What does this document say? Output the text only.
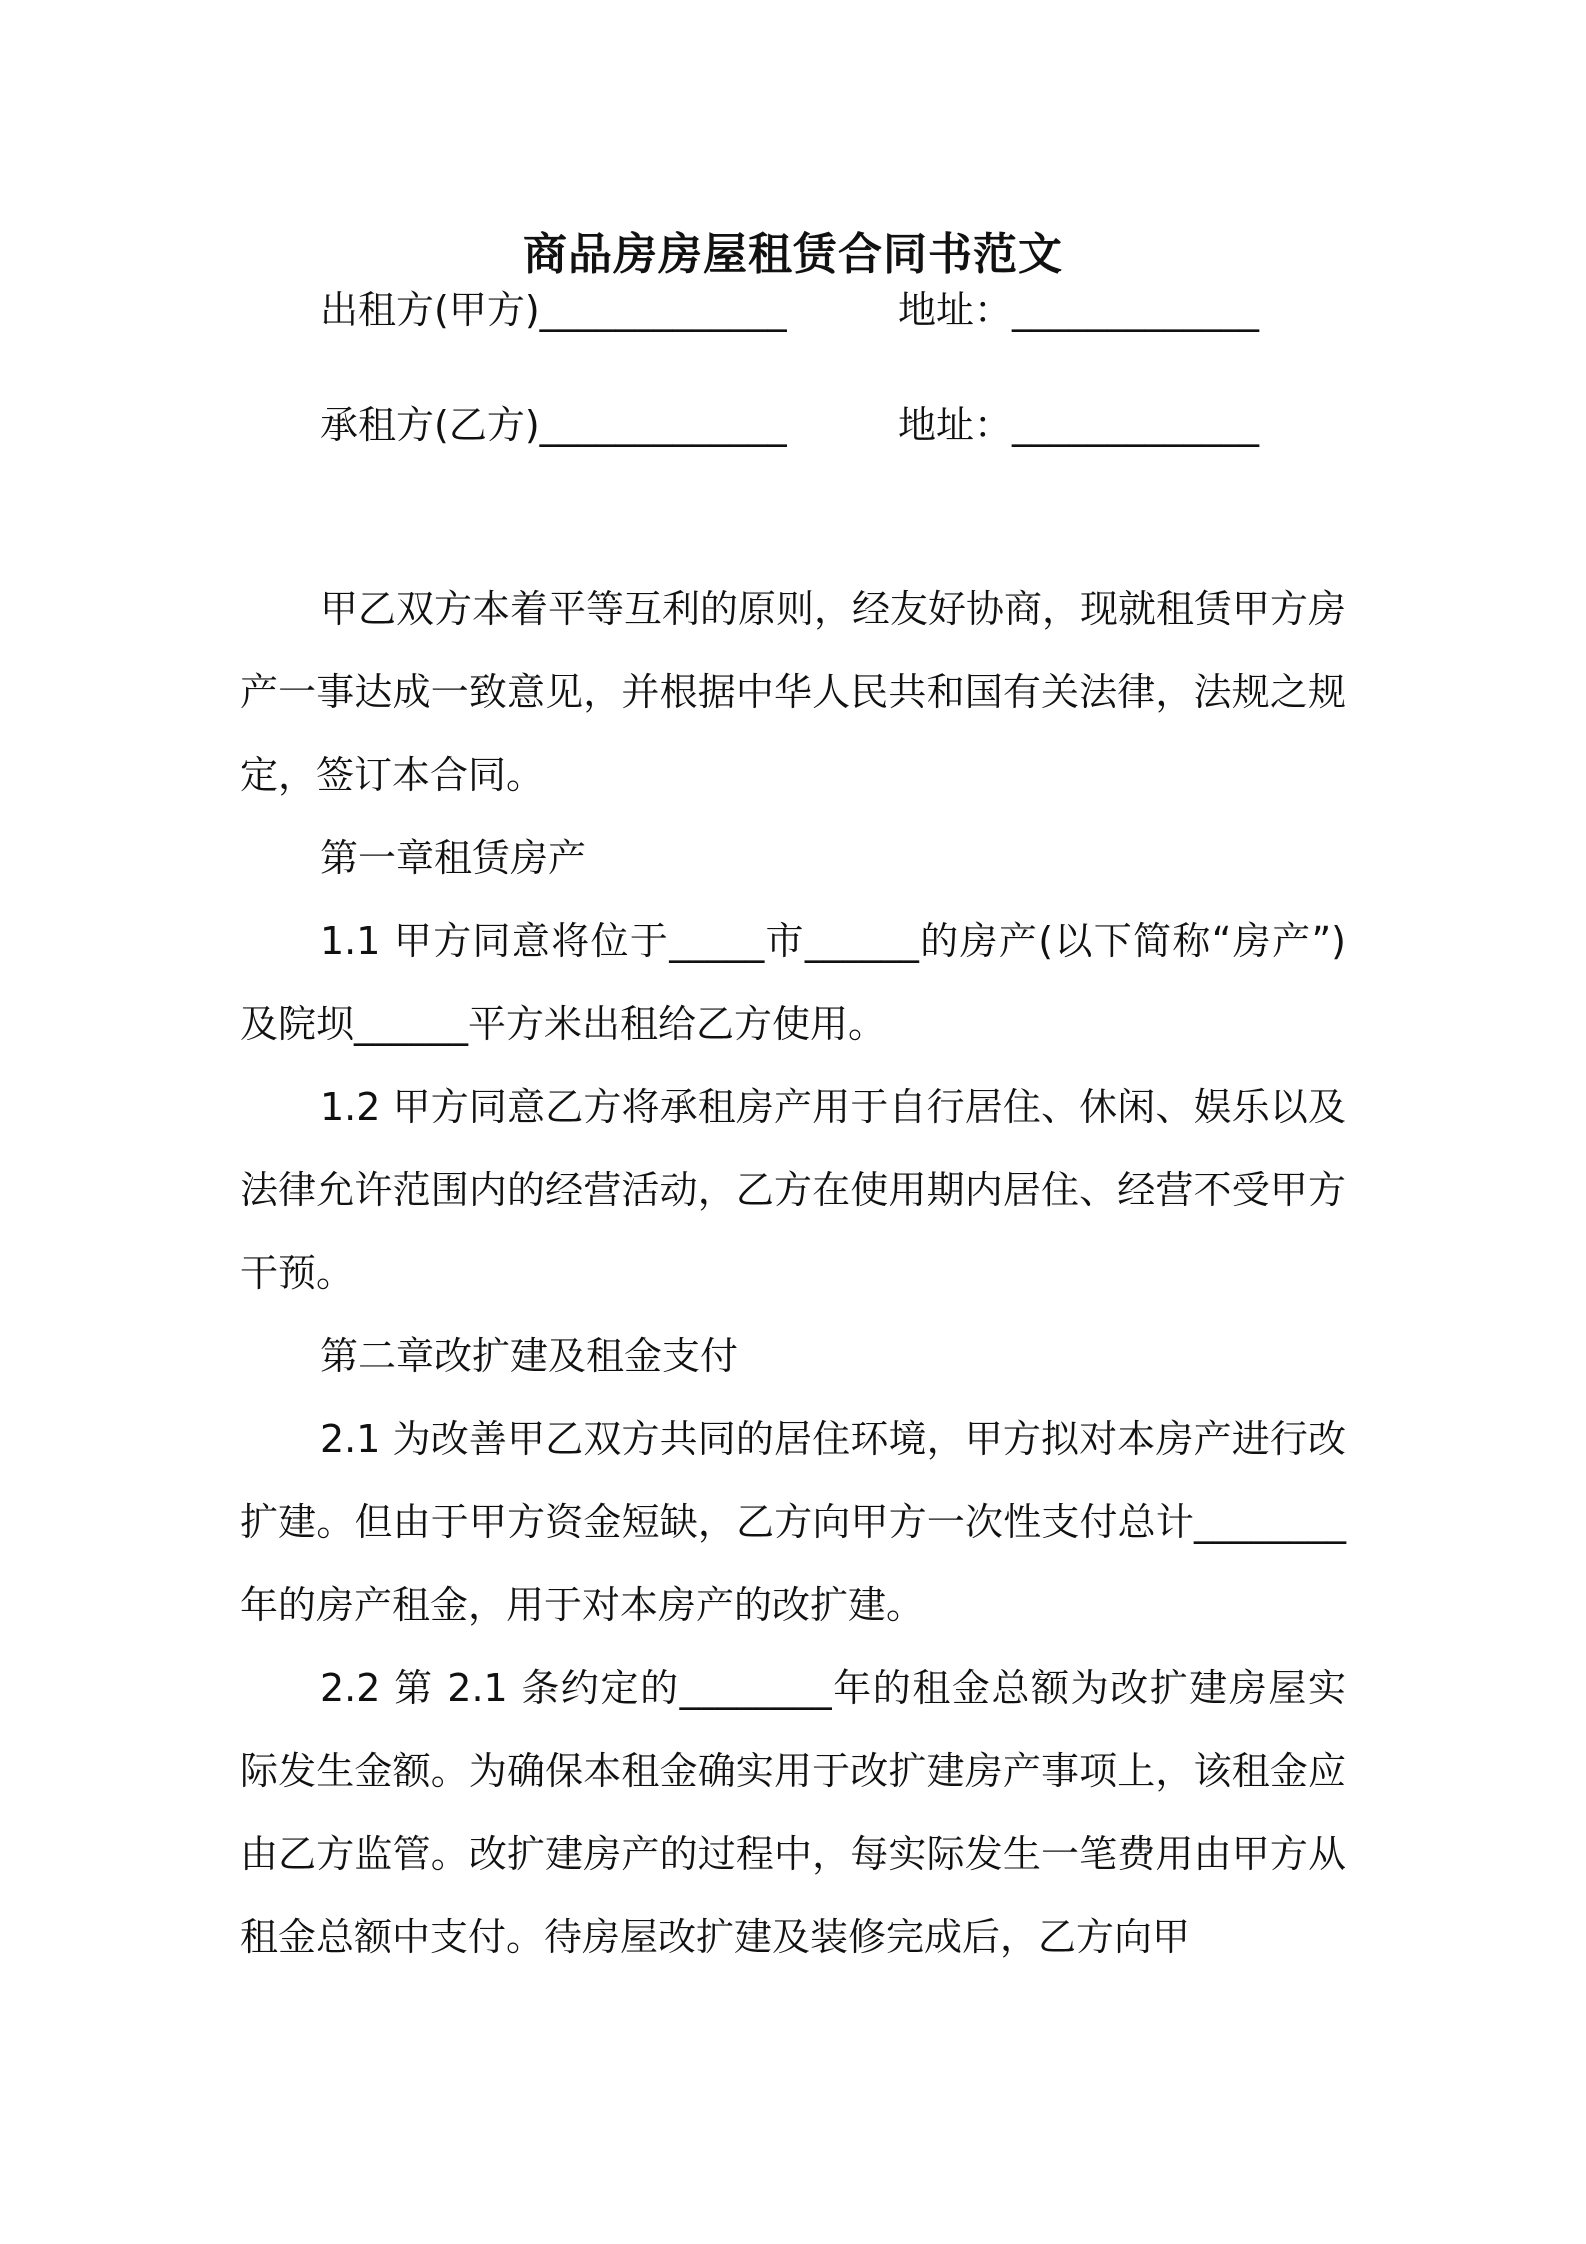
商品房房屋租赁合同书范文
出租方(甲方)_____________	地址：_____________
承租方(乙方)_____________	地址：_____________

甲乙双方本着平等互利的原则，经友好协商，现就租赁甲方房产一事达成一致意见，并根据中华人民共和国有关法律，法规之规定，签订本合同。

第一章租赁房产

1.1 甲方同意将位于_____市______的房产(以下简称“房产”)及院坝______平方米出租给乙方使用。

1.2 甲方同意乙方将承租房产用于自行居住、休闲、娱乐以及法律允许范围内的经营活动，乙方在使用期内居住、经营不受甲方干预。

第二章改扩建及租金支付

2.1 为改善甲乙双方共同的居住环境，甲方拟对本房产进行改扩建。但由于甲方资金短缺，乙方向甲方一次性支付总计________年的房产租金，用于对本房产的改扩建。

2.2 第 2.1 条约定的________年的租金总额为改扩建房屋实际发生金额。为确保本租金确实用于改扩建房产事项上，该租金应由乙方监管。改扩建房产的过程中，每实际发生一笔费用由甲方从租金总额中支付。待房屋改扩建及装修完成后，乙方向甲
